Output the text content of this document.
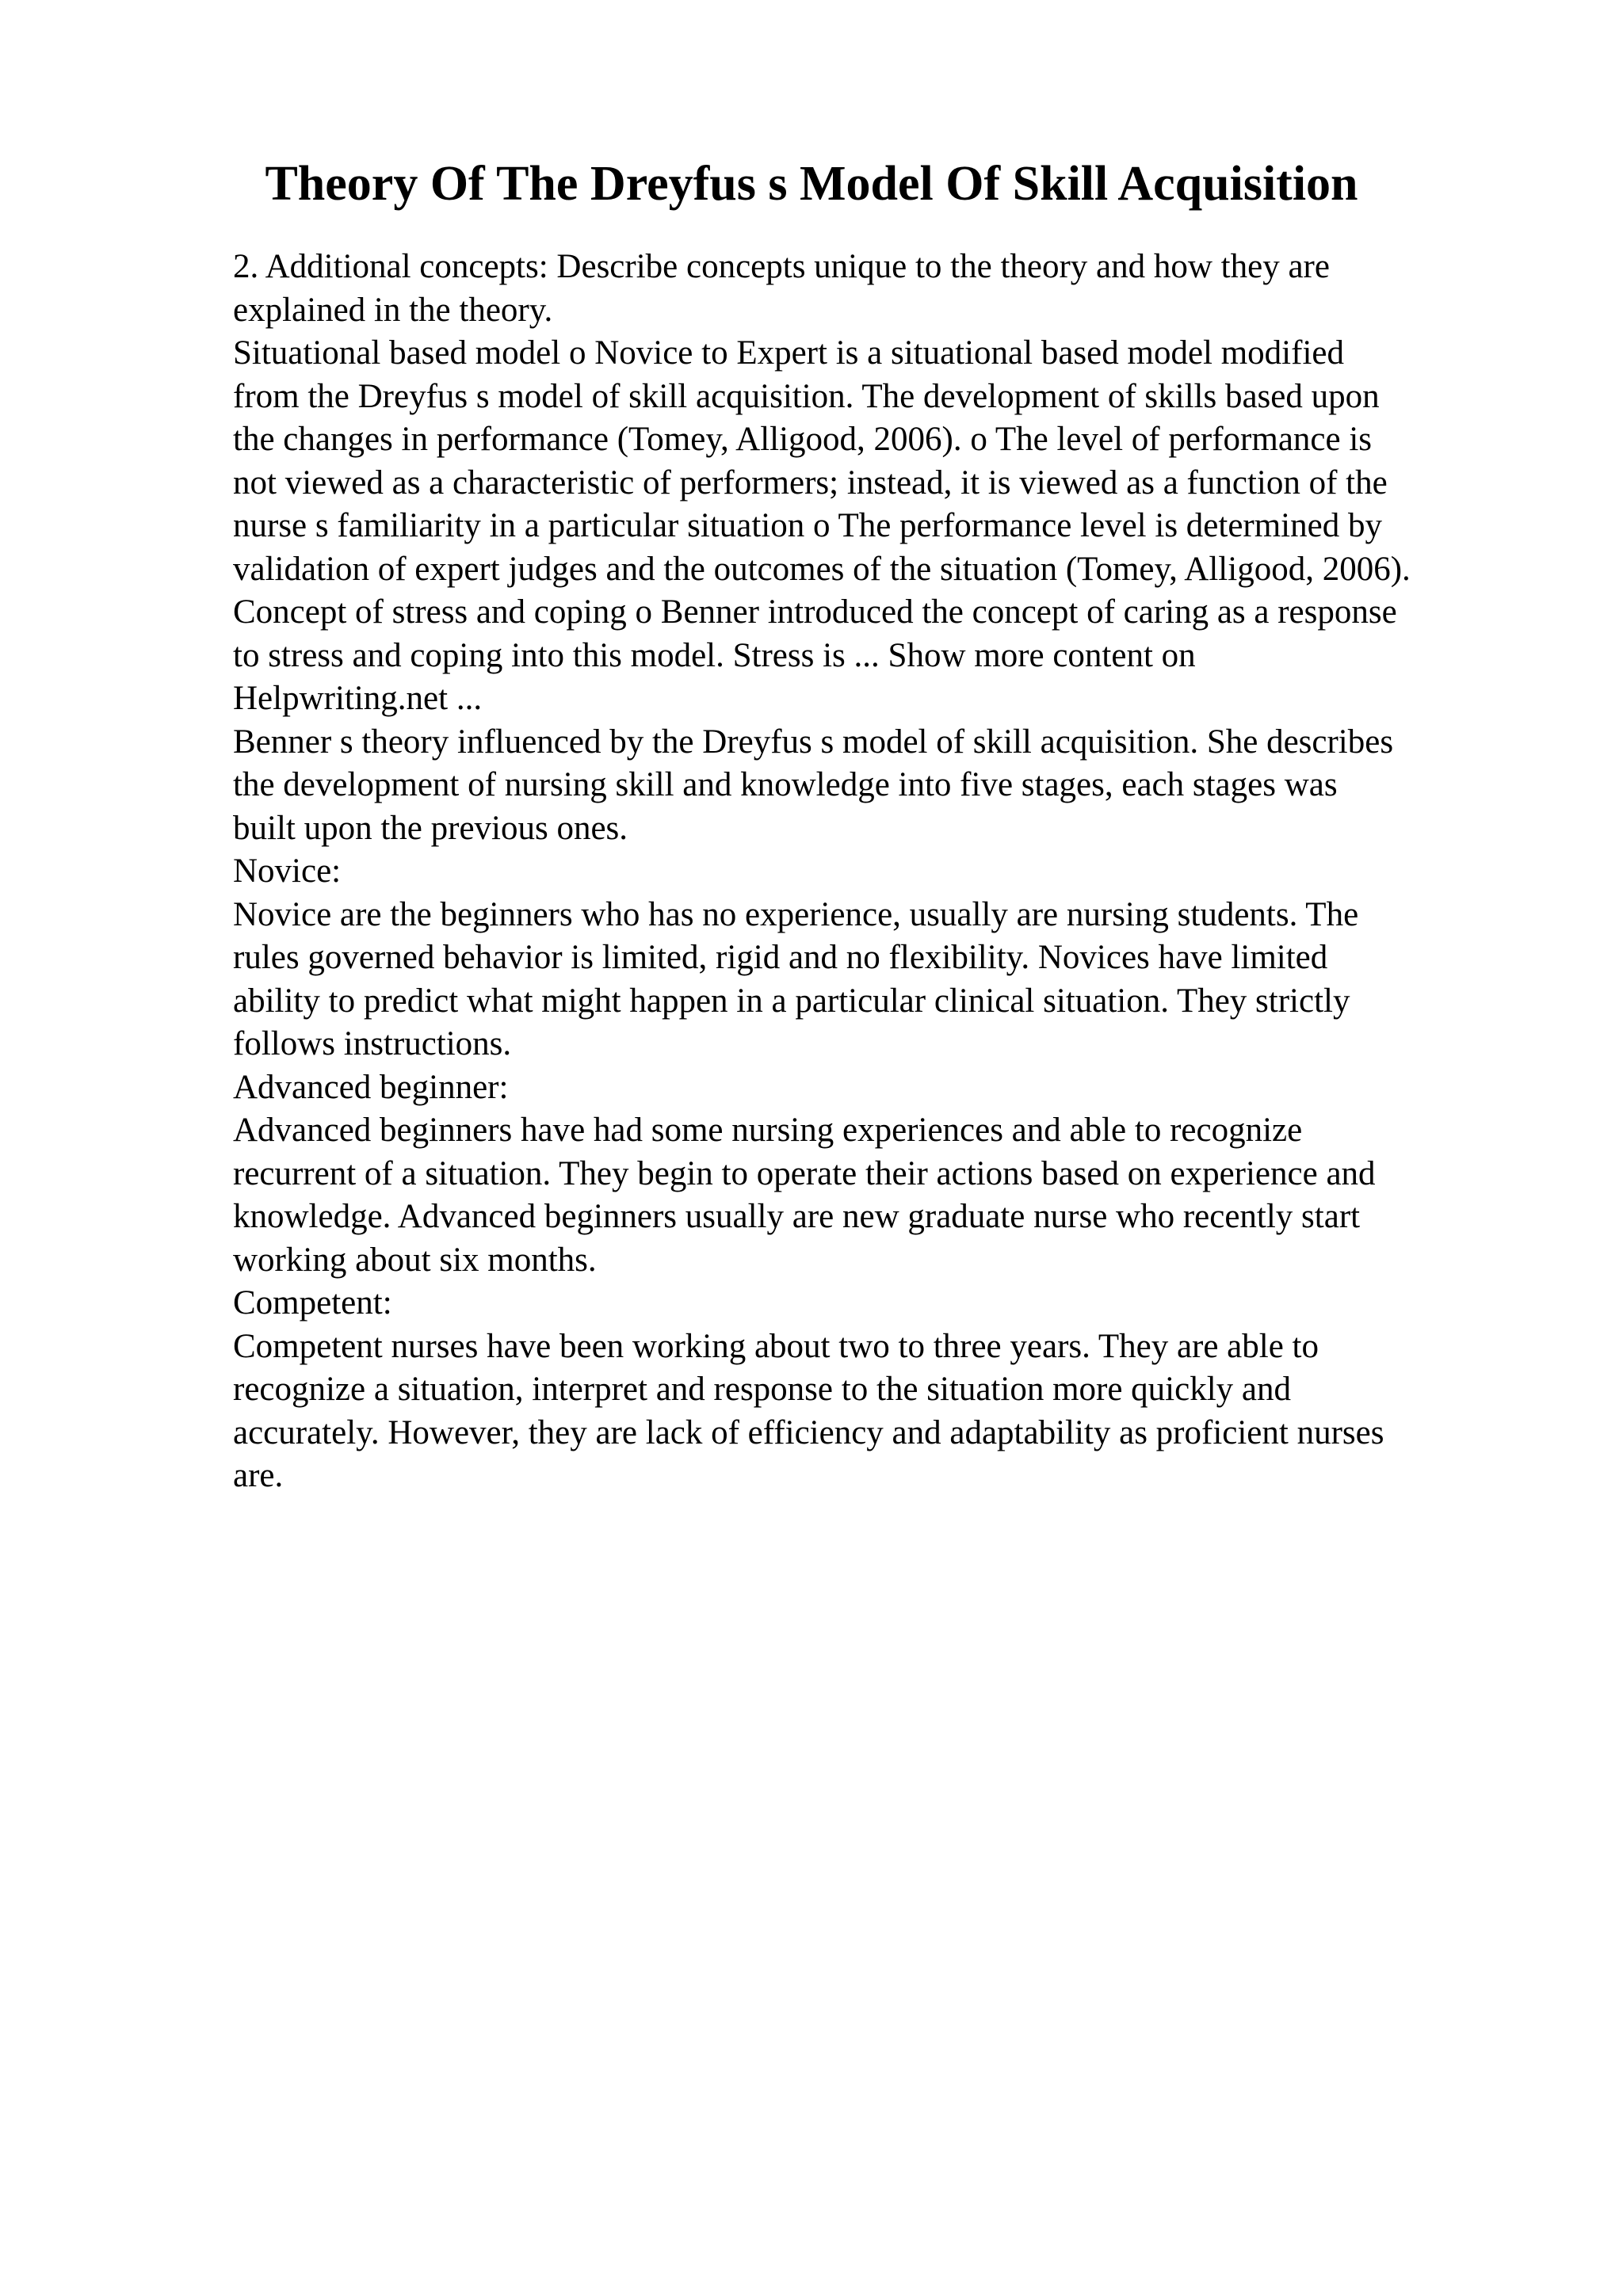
Theory Of The Dreyfus s Model Of Skill Acquisition
2. Additional concepts: Describe concepts unique to the theory and how they are
explained in the theory.
Situational based model o Novice to Expert is a situational based model modified
from the Dreyfus s model of skill acquisition. The development of skills based upon
the changes in performance (Tomey, Alligood, 2006). o The level of performance is
not viewed as a characteristic of performers; instead, it is viewed as a function of the
nurse s familiarity in a particular situation o The performance level is determined by
validation of expert judges and the outcomes of the situation (Tomey, Alligood, 2006).
Concept of stress and coping o Benner introduced the concept of caring as a response
to stress and coping into this model. Stress is ... Show more content on
Helpwriting.net ...
Benner s theory influenced by the Dreyfus s model of skill acquisition. She describes
the development of nursing skill and knowledge into five stages, each stages was
built upon the previous ones.
Novice:
Novice are the beginners who has no experience, usually are nursing students. The
rules governed behavior is limited, rigid and no flexibility. Novices have limited
ability to predict what might happen in a particular clinical situation. They strictly
follows instructions.
Advanced beginner:
Advanced beginners have had some nursing experiences and able to recognize
recurrent of a situation. They begin to operate their actions based on experience and
knowledge. Advanced beginners usually are new graduate nurse who recently start
working about six months.
Competent:
Competent nurses have been working about two to three years. They are able to
recognize a situation, interpret and response to the situation more quickly and
accurately. However, they are lack of efficiency and adaptability as proficient nurses
are.
